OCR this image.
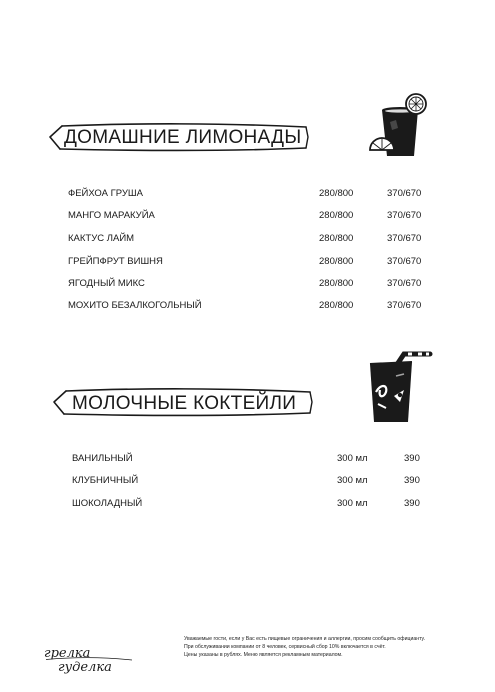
ДОМАШНИЕ ЛИМОНАДЫ
ФЕЙХОА ГРУША	280/800	370/670
МАНГО МАРАКУЙА	280/800	370/670
КАКТУС ЛАЙМ	280/800	370/670
ГРЕЙПФРУТ ВИШНЯ	280/800	370/670
ЯГОДНЫЙ МИКС	280/800	370/670
МОХИТО БЕЗАЛКОГОЛЬНЫЙ	280/800	370/670
МОЛОЧНЫЕ КОКТЕЙЛИ
ВАНИЛЬНЫЙ	300 мл	390
КЛУБНИЧНЫЙ	300 мл	390
ШОКОЛАДНЫЙ	300 мл	390
грелка
гуделка
Уважаемые гости, если у Вас есть пищевые ограничения и аллергии, просим сообщить официанту.
При обслуживании компании от 8 человек, сервисный сбор 10% включается в счёт.
Цены указаны в рублях. Меню является рекламным материалом.
